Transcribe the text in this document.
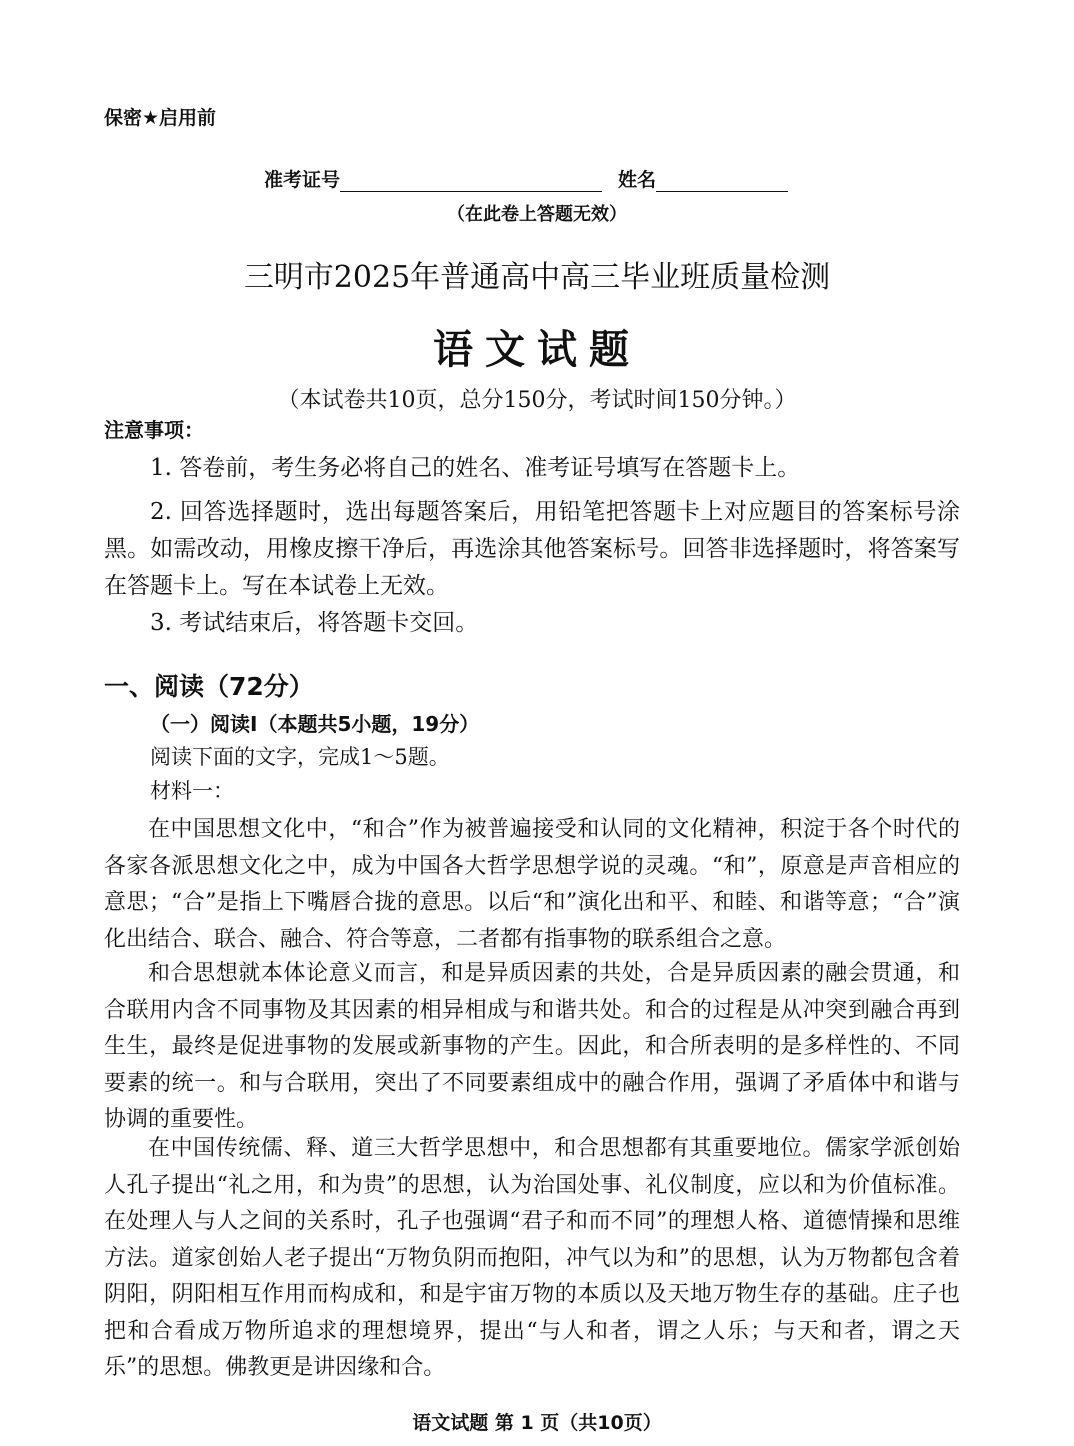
保密★启用前
准考证号	姓名
（在此卷上答题无效）
三明市2025年普通高中高三毕业班质量检测
语文试题
（本试卷共10页，总分150分，考试时间150分钟。）
注意事项：
1. 答卷前，考生务必将自己的姓名、准考证号填写在答题卡上。
2. 回答选择题时，选出每题答案后，用铅笔把答题卡上对应题目的答案标号涂黑。如需改动，用橡皮擦干净后，再选涂其他答案标号。回答非选择题时，将答案写在答题卡上。写在本试卷上无效。
3. 考试结束后，将答题卡交回。
一、阅读（72分）
（一）阅读Ⅰ（本题共5小题，19分）
阅读下面的文字，完成1～5题。
材料一：
在中国思想文化中，“和合”作为被普遍接受和认同的文化精神，积淀于各个时代的各家各派思想文化之中，成为中国各大哲学思想学说的灵魂。“和”，原意是声音相应的意思；“合”是指上下嘴唇合拢的意思。以后“和”演化出和平、和睦、和谐等意；“合”演化出结合、联合、融合、符合等意，二者都有指事物的联系组合之意。
和合思想就本体论意义而言，和是异质因素的共处，合是异质因素的融会贯通，和合联用内含不同事物及其因素的相异相成与和谐共处。和合的过程是从冲突到融合再到生生，最终是促进事物的发展或新事物的产生。因此，和合所表明的是多样性的、不同要素的统一。和与合联用，突出了不同要素组成中的融合作用，强调了矛盾体中和谐与协调的重要性。
在中国传统儒、释、道三大哲学思想中，和合思想都有其重要地位。儒家学派创始人孔子提出“礼之用，和为贵”的思想，认为治国处事、礼仪制度，应以和为价值标准。在处理人与人之间的关系时，孔子也强调“君子和而不同”的理想人格、道德情操和思维方法。道家创始人老子提出“万物负阴而抱阳，冲气以为和”的思想，认为万物都包含着阴阳，阴阳相互作用而构成和，和是宇宙万物的本质以及天地万物生存的基础。庄子也把和合看成万物所追求的理想境界，提出“与人和者，谓之人乐；与天和者，谓之天乐”的思想。佛教更是讲因缘和合。
语文试题 第 1 页（共10页）
